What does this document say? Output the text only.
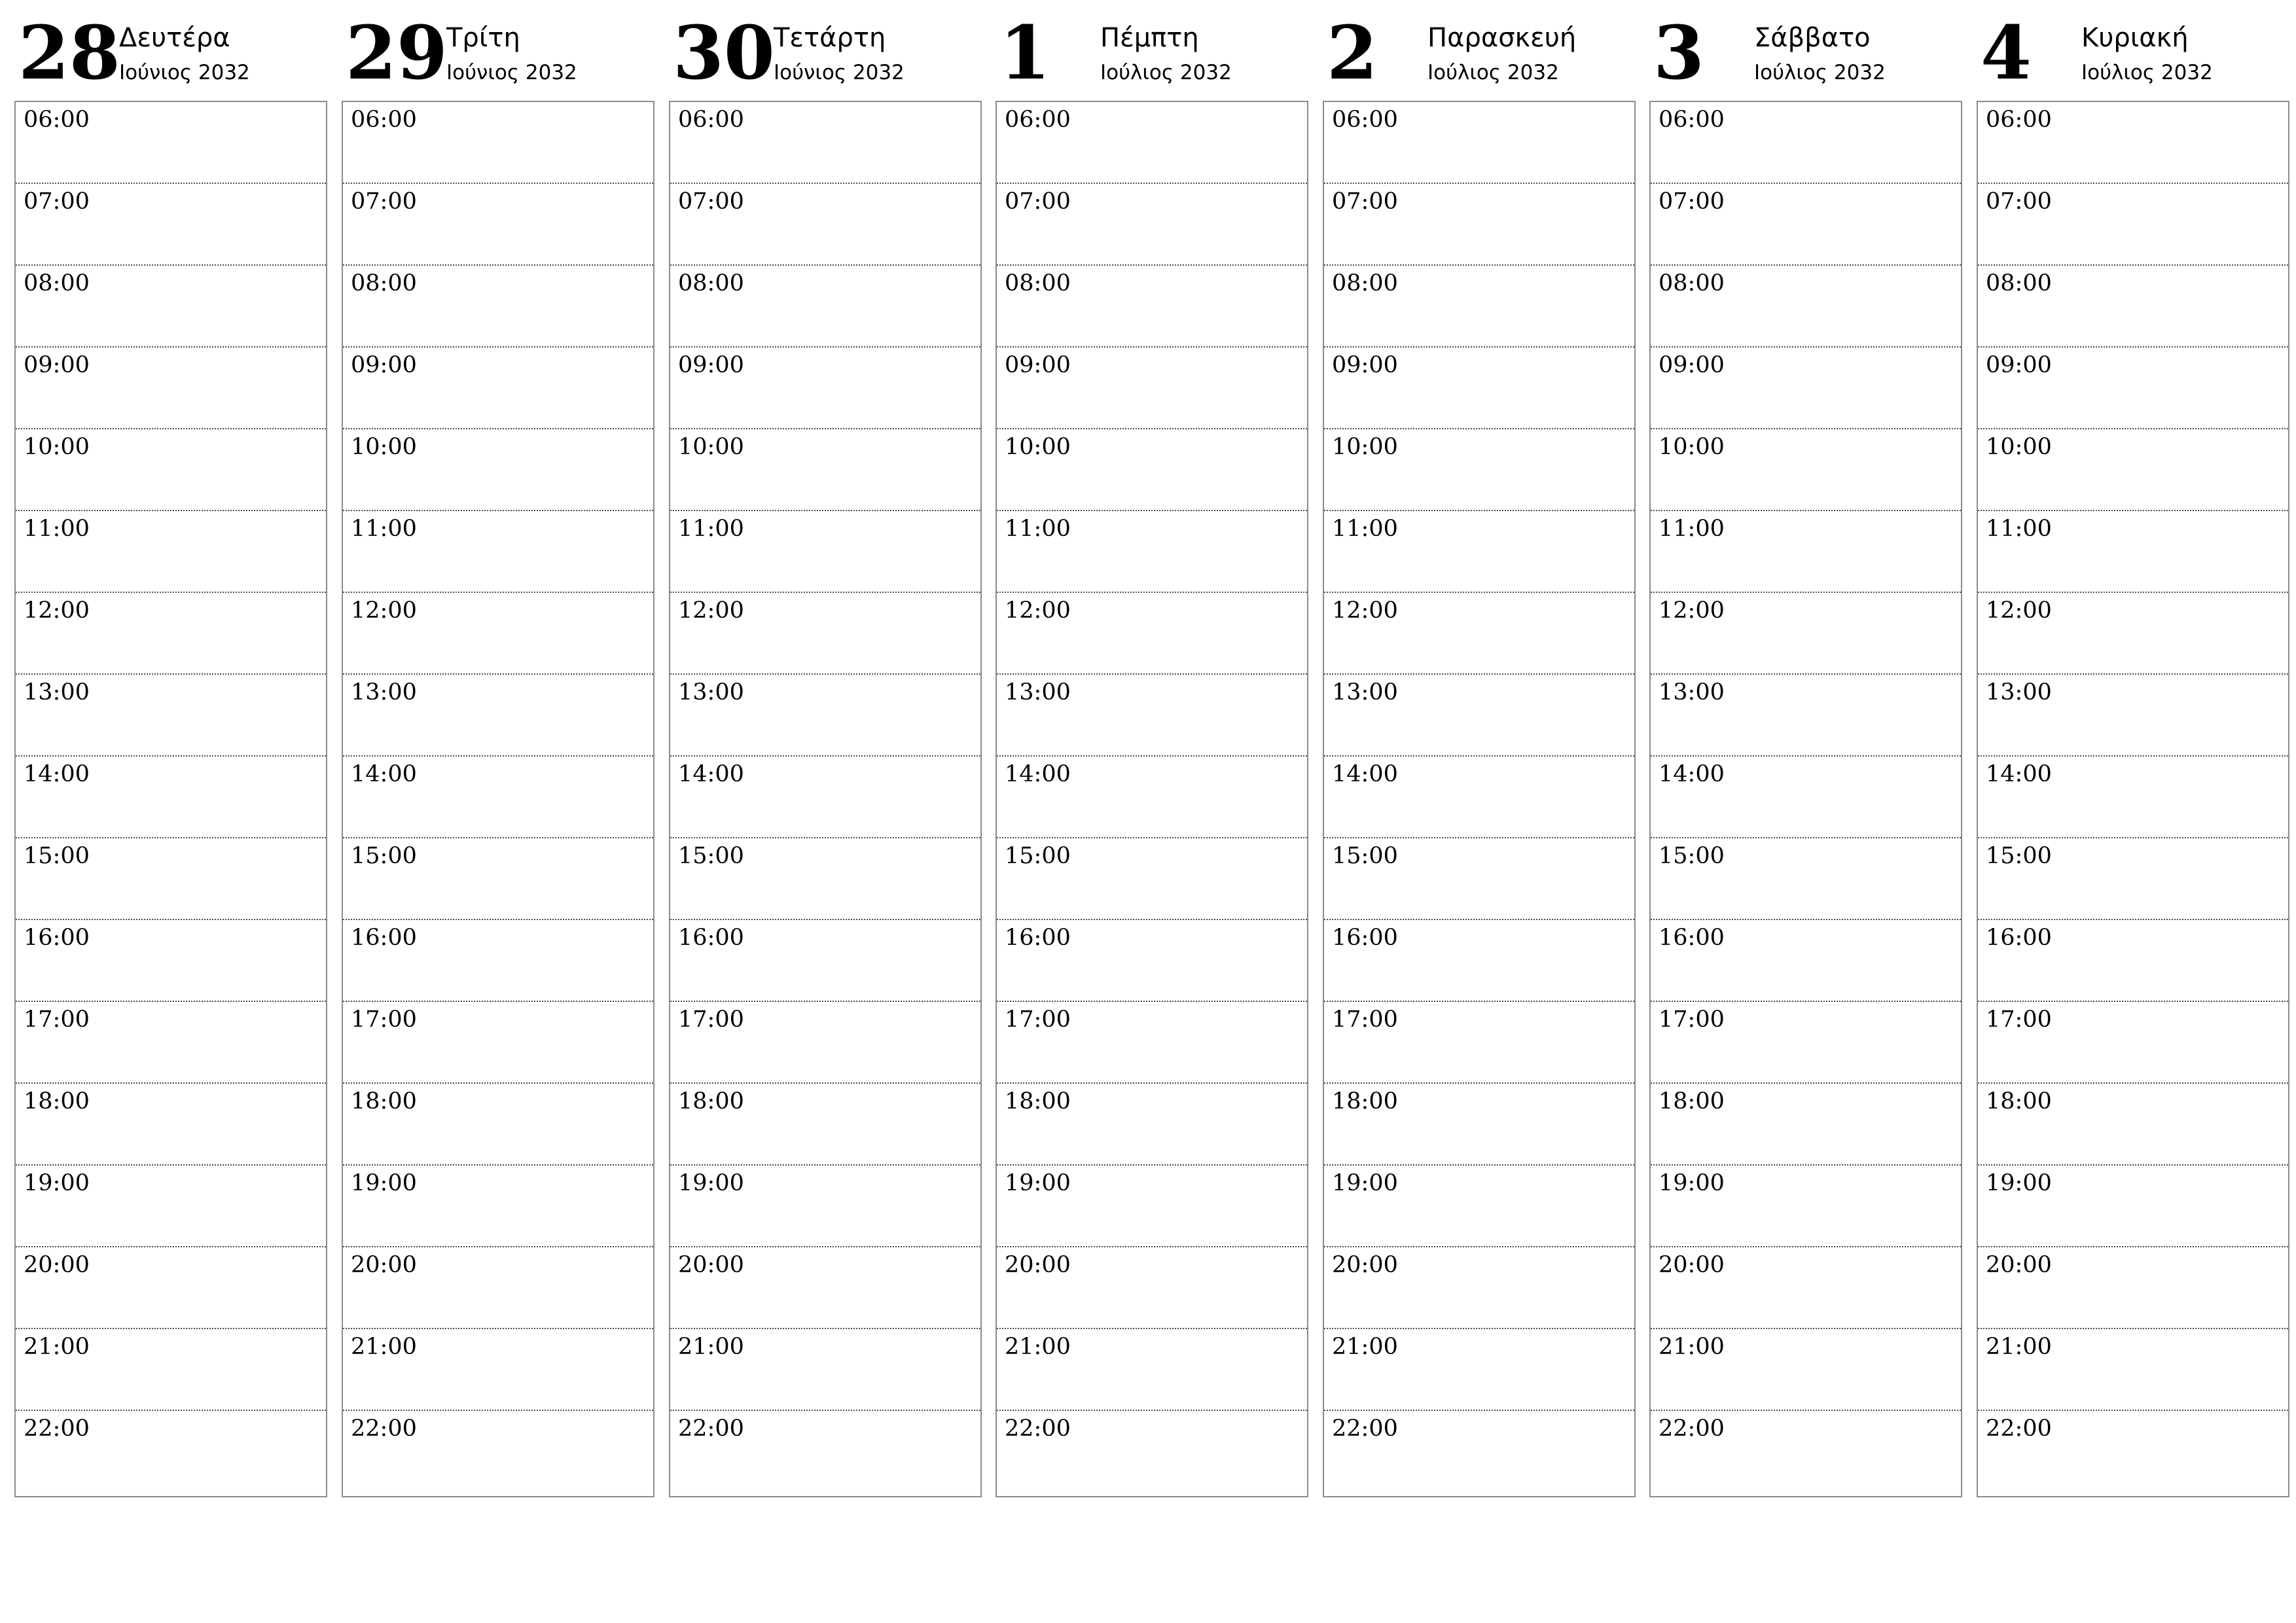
28
Δευτέρα
Ιούνιος 2032
06:00
07:00
08:00
09:00
10:00
11:00
12:00
13:00
14:00
15:00
16:00
17:00
18:00
19:00
20:00
21:00
22:00
29
Τρίτη
Ιούνιος 2032
06:00
07:00
08:00
09:00
10:00
11:00
12:00
13:00
14:00
15:00
16:00
17:00
18:00
19:00
20:00
21:00
22:00
30
Τετάρτη
Ιούνιος 2032
06:00
07:00
08:00
09:00
10:00
11:00
12:00
13:00
14:00
15:00
16:00
17:00
18:00
19:00
20:00
21:00
22:00
1 Πέμπτη
Ιούλιος 2032
06:00
07:00
08:00
09:00
10:00
11:00
12:00
13:00
14:00
15:00
16:00
17:00
18:00
19:00
20:00
21:00
22:00
2 Παρασκευή
Ιούλιος 2032
06:00
07:00
08:00
09:00
10:00
11:00
12:00
13:00
14:00
15:00
16:00
17:00
18:00
19:00
20:00
21:00
22:00
3 Σάββατο
Ιούλιος 2032
06:00
07:00
08:00
09:00
10:00
11:00
12:00
13:00
14:00
15:00
16:00
17:00
18:00
19:00
20:00
21:00
22:00
4 Κυριακή
Ιούλιος 2032
06:00
07:00
08:00
09:00
10:00
11:00
12:00
13:00
14:00
15:00
16:00
17:00
18:00
19:00
20:00
21:00
22:00
